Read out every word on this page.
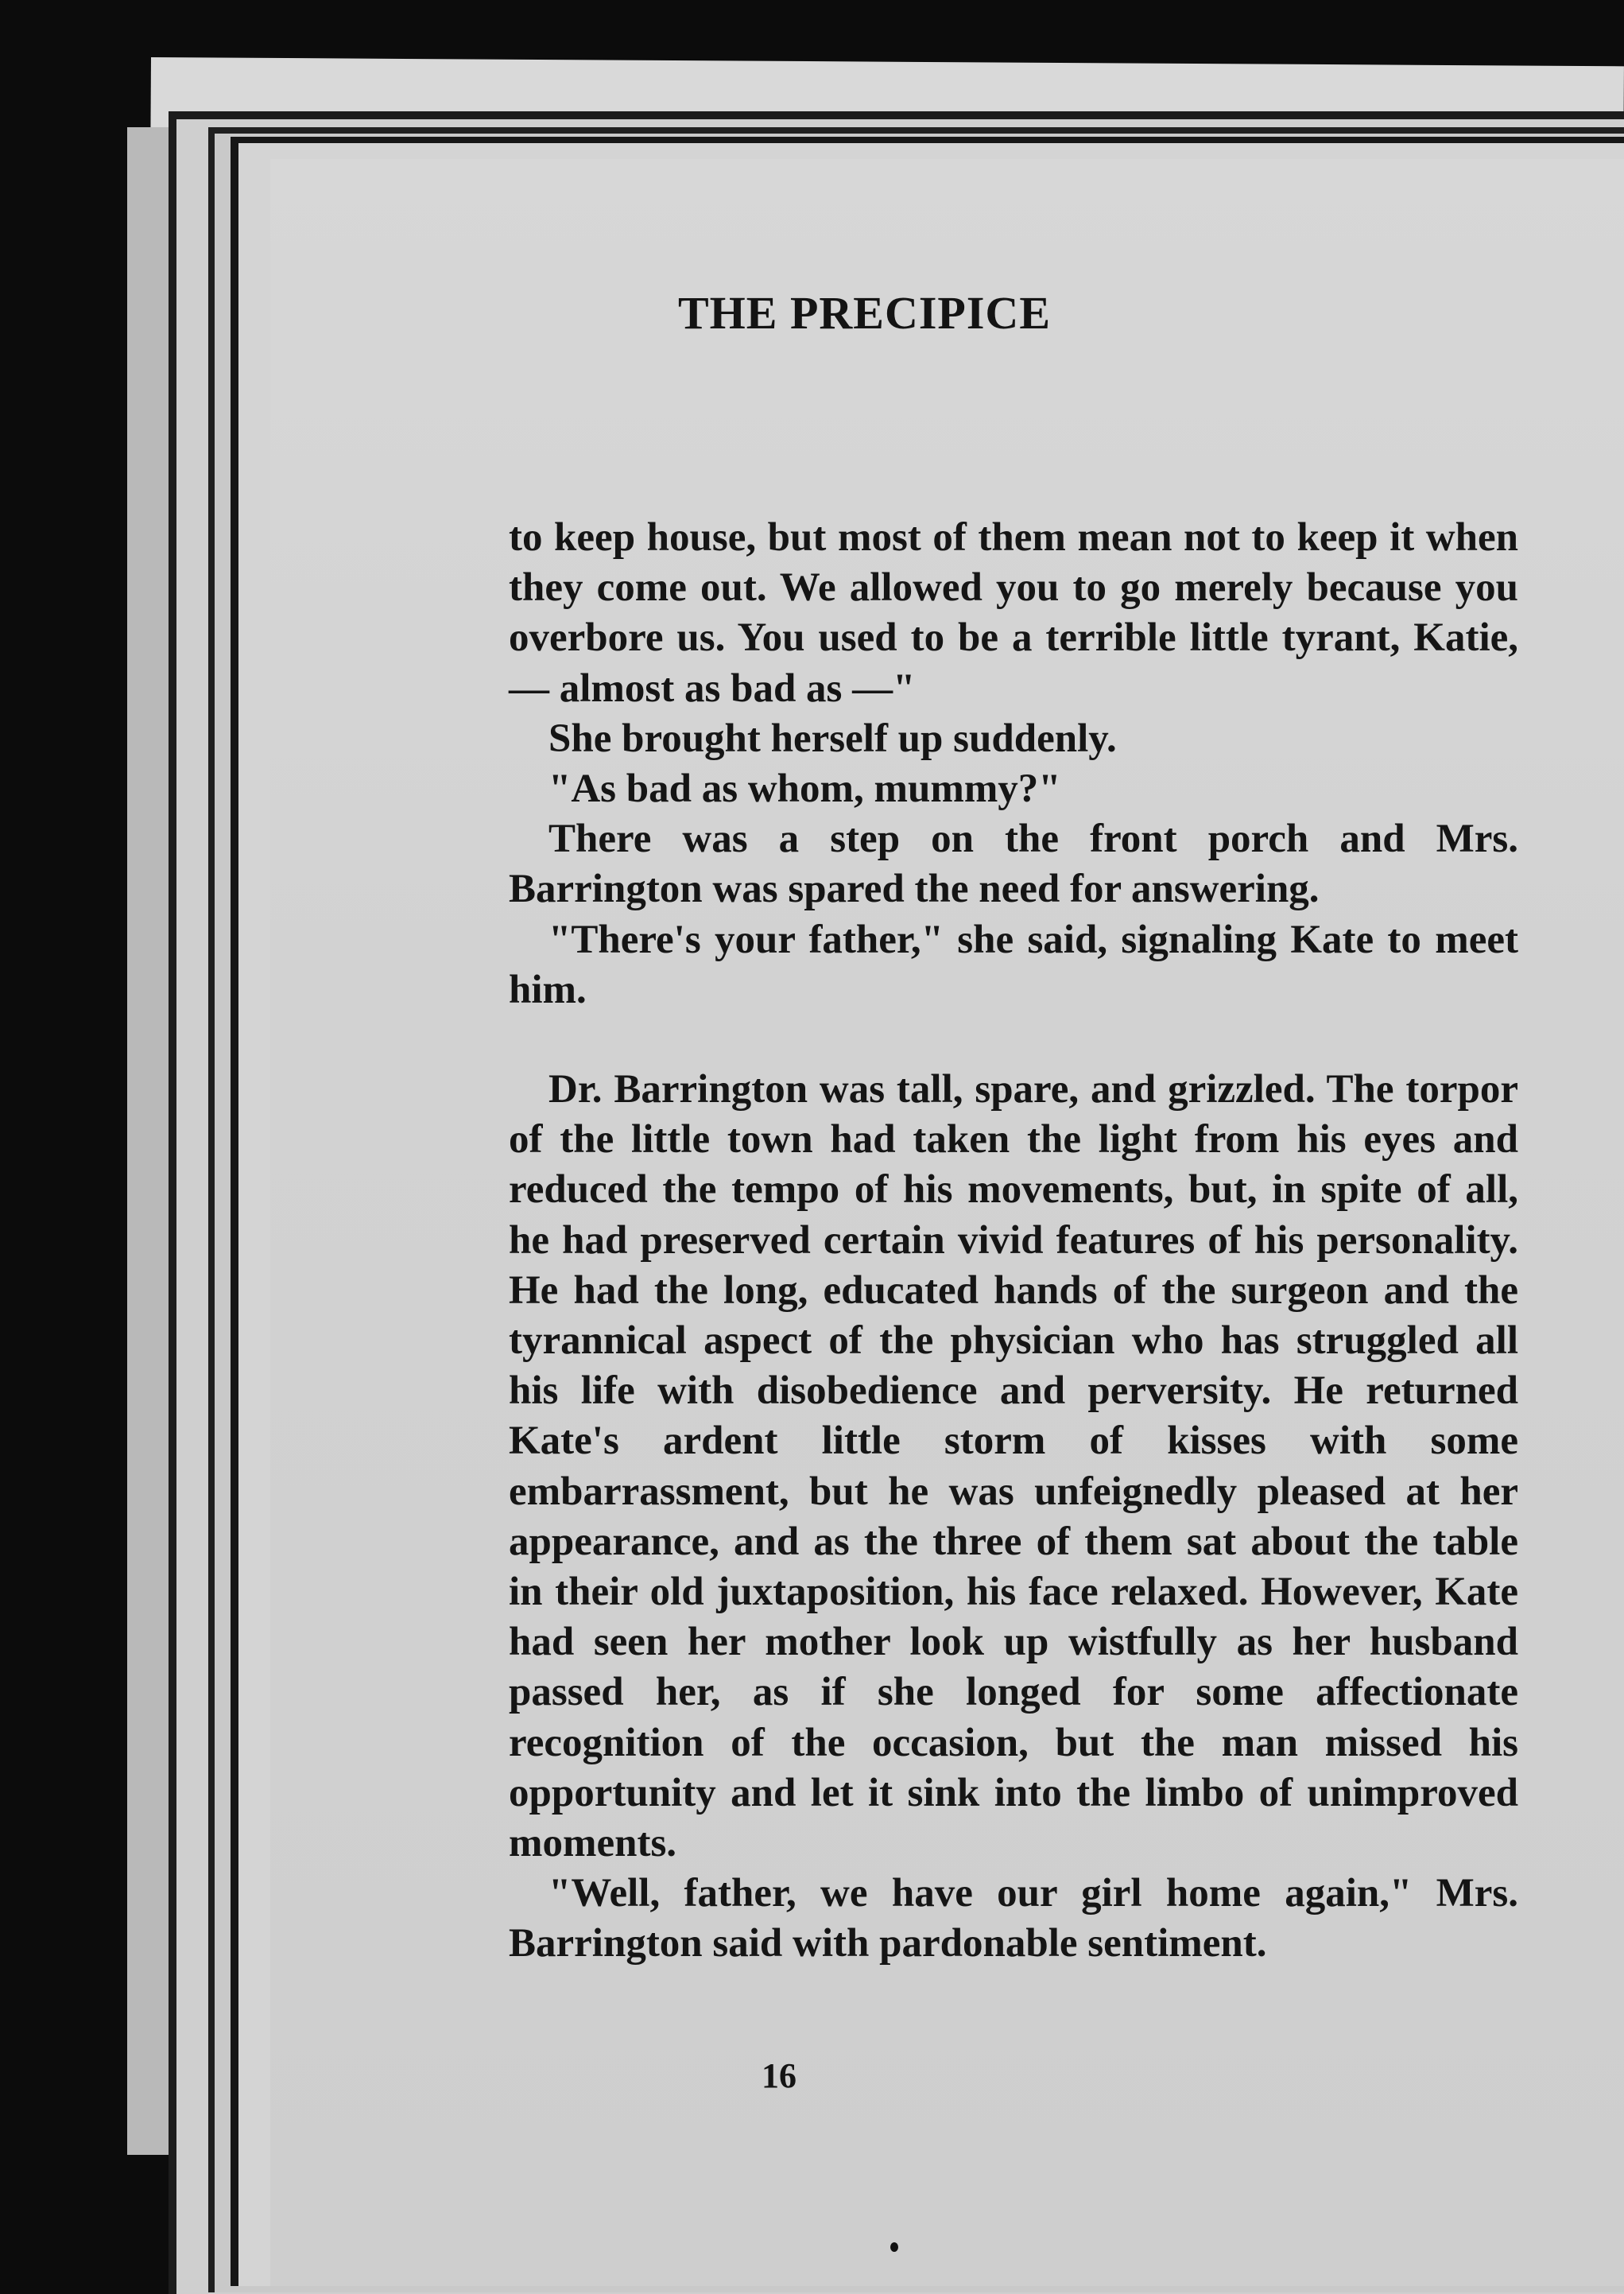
THE PRECIPICE

to keep house, but most of them mean not to keep it when they come out. We allowed you to go merely because you overbore us. You used to be a terrible little tyrant, Katie, — almost as bad as —"

She brought herself up suddenly.

"As bad as whom, mummy?"

There was a step on the front porch and Mrs. Barrington was spared the need for answering.

"There's your father," she said, signaling Kate to meet him.

Dr. Barrington was tall, spare, and grizzled. The torpor of the little town had taken the light from his eyes and reduced the tempo of his movements, but, in spite of all, he had preserved certain vivid features of his personality. He had the long, educated hands of the surgeon and the tyrannical aspect of the physician who has struggled all his life with disobedience and perversity. He returned Kate's ardent little storm of kisses with some embarrassment, but he was unfeignedly pleased at her appearance, and as the three of them sat about the table in their old juxtaposition, his face relaxed. However, Kate had seen her mother look up wistfully as her husband passed her, as if she longed for some affectionate recognition of the occasion, but the man missed his opportunity and let it sink into the limbo of unimproved moments.

"Well, father, we have our girl home again," Mrs. Barrington said with pardonable sentiment.

16
